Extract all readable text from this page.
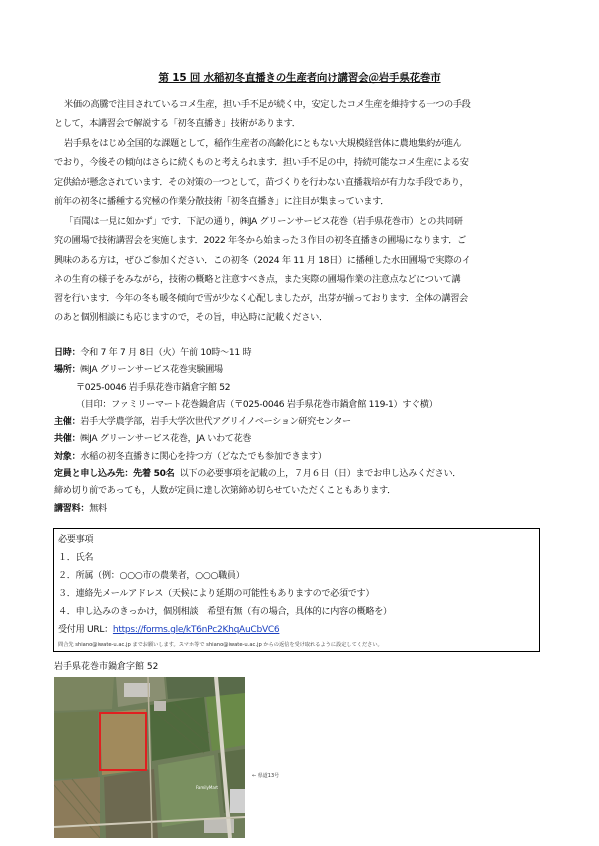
第 15 回 水稲初冬直播きの生産者向け講習会＠岩手県花巻市
米価の高騰で注目されているコメ生産，担い手不足が続く中，安定したコメ生産を維持する一つの手段
として，本講習会で解説する「初冬直播き」技術があります．
岩手県をはじめ全国的な課題として，稲作生産者の高齢化にともない大規模経営体に農地集約が進ん
でおり，今後その傾向はさらに続くものと考えられます．担い手不足の中，持続可能なコメ生産による安
定供給が懸念されています．その対策の一つとして，苗づくりを行わない直播栽培が有力な手段であり，
前年の初冬に播種する究極の作業分散技術「初冬直播き」に注目が集まっています．
「百聞は一見に如かず」です．下記の通り，㈱JA グリーンサービス花巻（岩手県花巻市）との共同研
究の圃場で技術講習会を実施します．2022 年冬から始まった３作目の初冬直播きの圃場になります．ご
興味のある方は，ぜひご参加ください．この初冬（2024 年 11 月 18日）に播種した水田圃場で実際のイ
ネの生育の様子をみながら，技術の概略と注意すべき点，また実際の圃場作業の注意点などについて講
習を行います．今年の冬も暖冬傾向で雪が少なく心配しましたが，出芽が揃っております．全体の講習会
のあと個別相談にも応じますので，その旨，申込時に記載ください．
日時：令和 7 年 7 月 8日（火）午前 10時～11 時
場所：㈱JA グリーンサービス花巻実験圃場
〒025-0046 岩手県花巻市鍋倉字館 52
（目印：ファミリーマート花巻鍋倉店（〒025-0046 岩手県花巻市鍋倉館 119-1）すぐ横）
主催：岩手大学農学部，岩手大学次世代アグリイノベーション研究センター
共催：㈱JA グリーンサービス花巻，JA いわて花巻
対象：水稲の初冬直播きに関心を持つ方（どなたでも参加できます）
定員と申し込み先：先着 50名 以下の必要事項を記載の上，７月６日（日）までお申し込みください．
締め切り前であっても，人数が定員に達し次第締め切らせていただくこともあります．
講習料：無料
必要事項
１．氏名
２．所属（例：○○○市の農業者，○○○職員）
３．連絡先メールアドレス（天候により延期の可能性もありますので必須です）
４．申し込みのきっかけ，個別相談　希望有無（有の場合，具体的に内容の概略を）
受付用 URL：https://forms.gle/kT6nPc2KhqAuCbVC6
問合先 shiano@iwate-u.ac.jp までお願いします。スマホ等で shiano@iwate-u.ac.jp からの返信を受け取れるように設定してください。
岩手県花巻市鍋倉字館 52
FamilyMart
← 県道13号
